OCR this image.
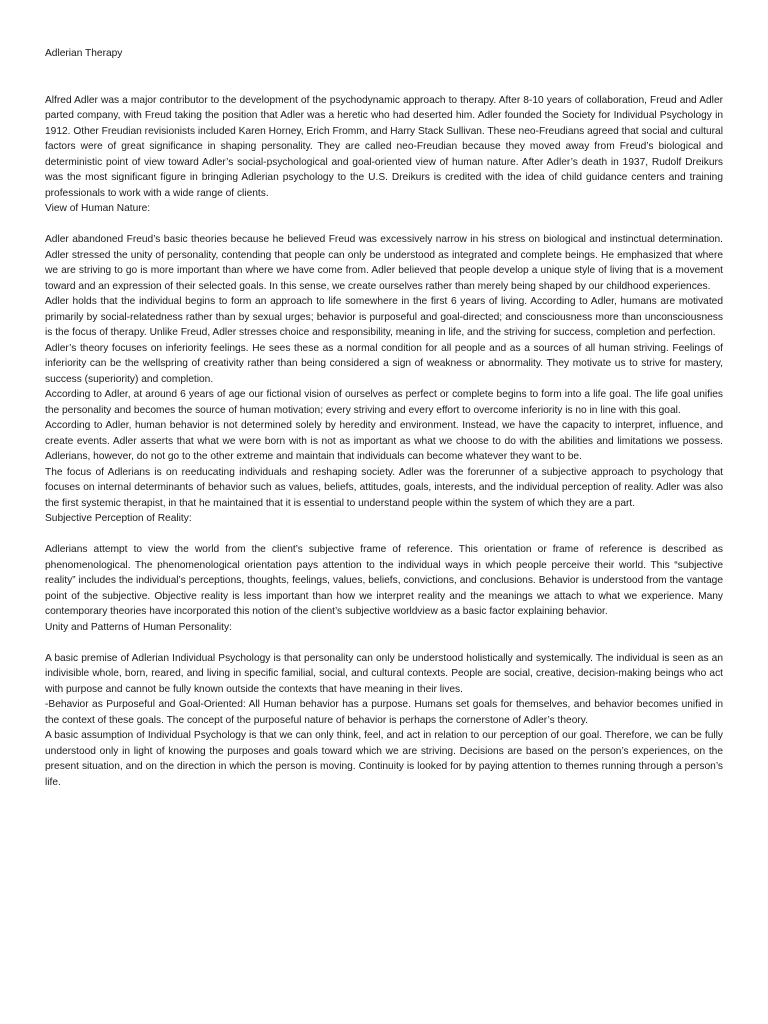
Adlerian Therapy
Alfred Adler was a major contributor to the development of the psychodynamic approach to therapy. After 8-10 years of collaboration, Freud and Adler parted company, with Freud taking the position that Adler was a heretic who had deserted him. Adler founded the Society for Individual Psychology in 1912. Other Freudian revisionists included Karen Horney, Erich Fromm, and Harry Stack Sullivan. These neo-Freudians agreed that social and cultural factors were of great significance in shaping personality. They are called neo-Freudian because they moved away from Freud’s biological and deterministic point of view toward Adler’s social-psychological and goal-oriented view of human nature. After Adler’s death in 1937, Rudolf Dreikurs was the most significant figure in bringing Adlerian psychology to the U.S. Dreikurs is credited with the idea of child guidance centers and training professionals to work with a wide range of clients.
View of Human Nature:
Adler abandoned Freud’s basic theories because he believed Freud was excessively narrow in his stress on biological and instinctual determination. Adler stressed the unity of personality, contending that people can only be understood as integrated and complete beings. He emphasized that where we are striving to go is more important than where we have come from. Adler believed that people develop a unique style of living that is a movement toward and an expression of their selected goals. In this sense, we create ourselves rather than merely being shaped by our childhood experiences.
Adler holds that the individual begins to form an approach to life somewhere in the first 6 years of living. According to Adler, humans are motivated primarily by social-relatedness rather than by sexual urges; behavior is purposeful and goal-directed; and consciousness more than unconsciousness is the focus of therapy. Unlike Freud, Adler stresses choice and responsibility, meaning in life, and the striving for success, completion and perfection.
Adler’s theory focuses on inferiority feelings. He sees these as a normal condition for all people and as a sources of all human striving. Feelings of inferiority can be the wellspring of creativity rather than being considered a sign of weakness or abnormality. They motivate us to strive for mastery, success (superiority) and completion.
According to Adler, at around 6 years of age our fictional vision of ourselves as perfect or complete begins to form into a life goal. The life goal unifies the personality and becomes the source of human motivation; every striving and every effort to overcome inferiority is no in line with this goal.
According to Adler, human behavior is not determined solely by heredity and environment. Instead, we have the capacity to interpret, influence, and create events. Adler asserts that what we were born with is not as important as what we choose to do with the abilities and limitations we possess. Adlerians, however, do not go to the other extreme and maintain that individuals can become whatever they want to be.
The focus of Adlerians is on reeducating individuals and reshaping society. Adler was the forerunner of a subjective approach to psychology that focuses on internal determinants of behavior such as values, beliefs, attitudes, goals, interests, and the individual perception of reality. Adler was also the first systemic therapist, in that he maintained that it is essential to understand people within the system of which they are a part.
Subjective Perception of Reality:
Adlerians attempt to view the world from the client’s subjective frame of reference. This orientation or frame of reference is described as phenomenological. The phenomenological orientation pays attention to the individual ways in which people perceive their world. This “subjective reality” includes the individual’s perceptions, thoughts, feelings, values, beliefs, convictions, and conclusions. Behavior is understood from the vantage point of the subjective. Objective reality is less important than how we interpret reality and the meanings we attach to what we experience. Many contemporary theories have incorporated this notion of the client’s subjective worldview as a basic factor explaining behavior.
Unity and Patterns of Human Personality:
A basic premise of Adlerian Individual Psychology is that personality can only be understood holistically and systemically. The individual is seen as an indivisible whole, born, reared, and living in specific familial, social, and cultural contexts. People are social, creative, decision-making beings who act with purpose and cannot be fully known outside the contexts that have meaning in their lives.
-Behavior as Purposeful and Goal-Oriented: All Human behavior has a purpose. Humans set goals for themselves, and behavior becomes unified in the context of these goals. The concept of the purposeful nature of behavior is perhaps the cornerstone of Adler’s theory.
A basic assumption of Individual Psychology is that we can only think, feel, and act in relation to our perception of our goal. Therefore, we can be fully understood only in light of knowing the purposes and goals toward which we are striving. Decisions are based on the person’s experiences, on the present situation, and on the direction in which the person is moving. Continuity is looked for by paying attention to themes running through a person’s life.
